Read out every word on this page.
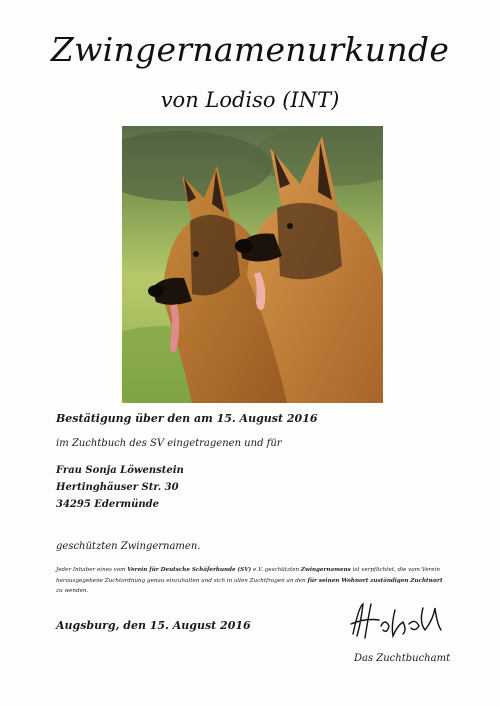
Zwingernamenurkunde
von Lodiso (INT)
Bestätigung über den am 15. August 2016
im Zuchtbuch des SV eingetragenen und für
Frau Sonja Löwenstein
Hertinghäuser Str. 30
34295 Edermünde
geschützten Zwingernamen.
Jeder Inhaber eines vom Verein für Deutsche Schäferhunde (SV) e.V. geschützten Zwingernamens ist verpflichtet, die vom Verein herausgegebene Zuchtordnung genau einzuhalten und sich in allen Zuchtfragen an den für seinen Wohnort zuständigen Zuchtwart zu wenden.
Augsburg, den 15. August 2016
Das Zuchtbuchamt
